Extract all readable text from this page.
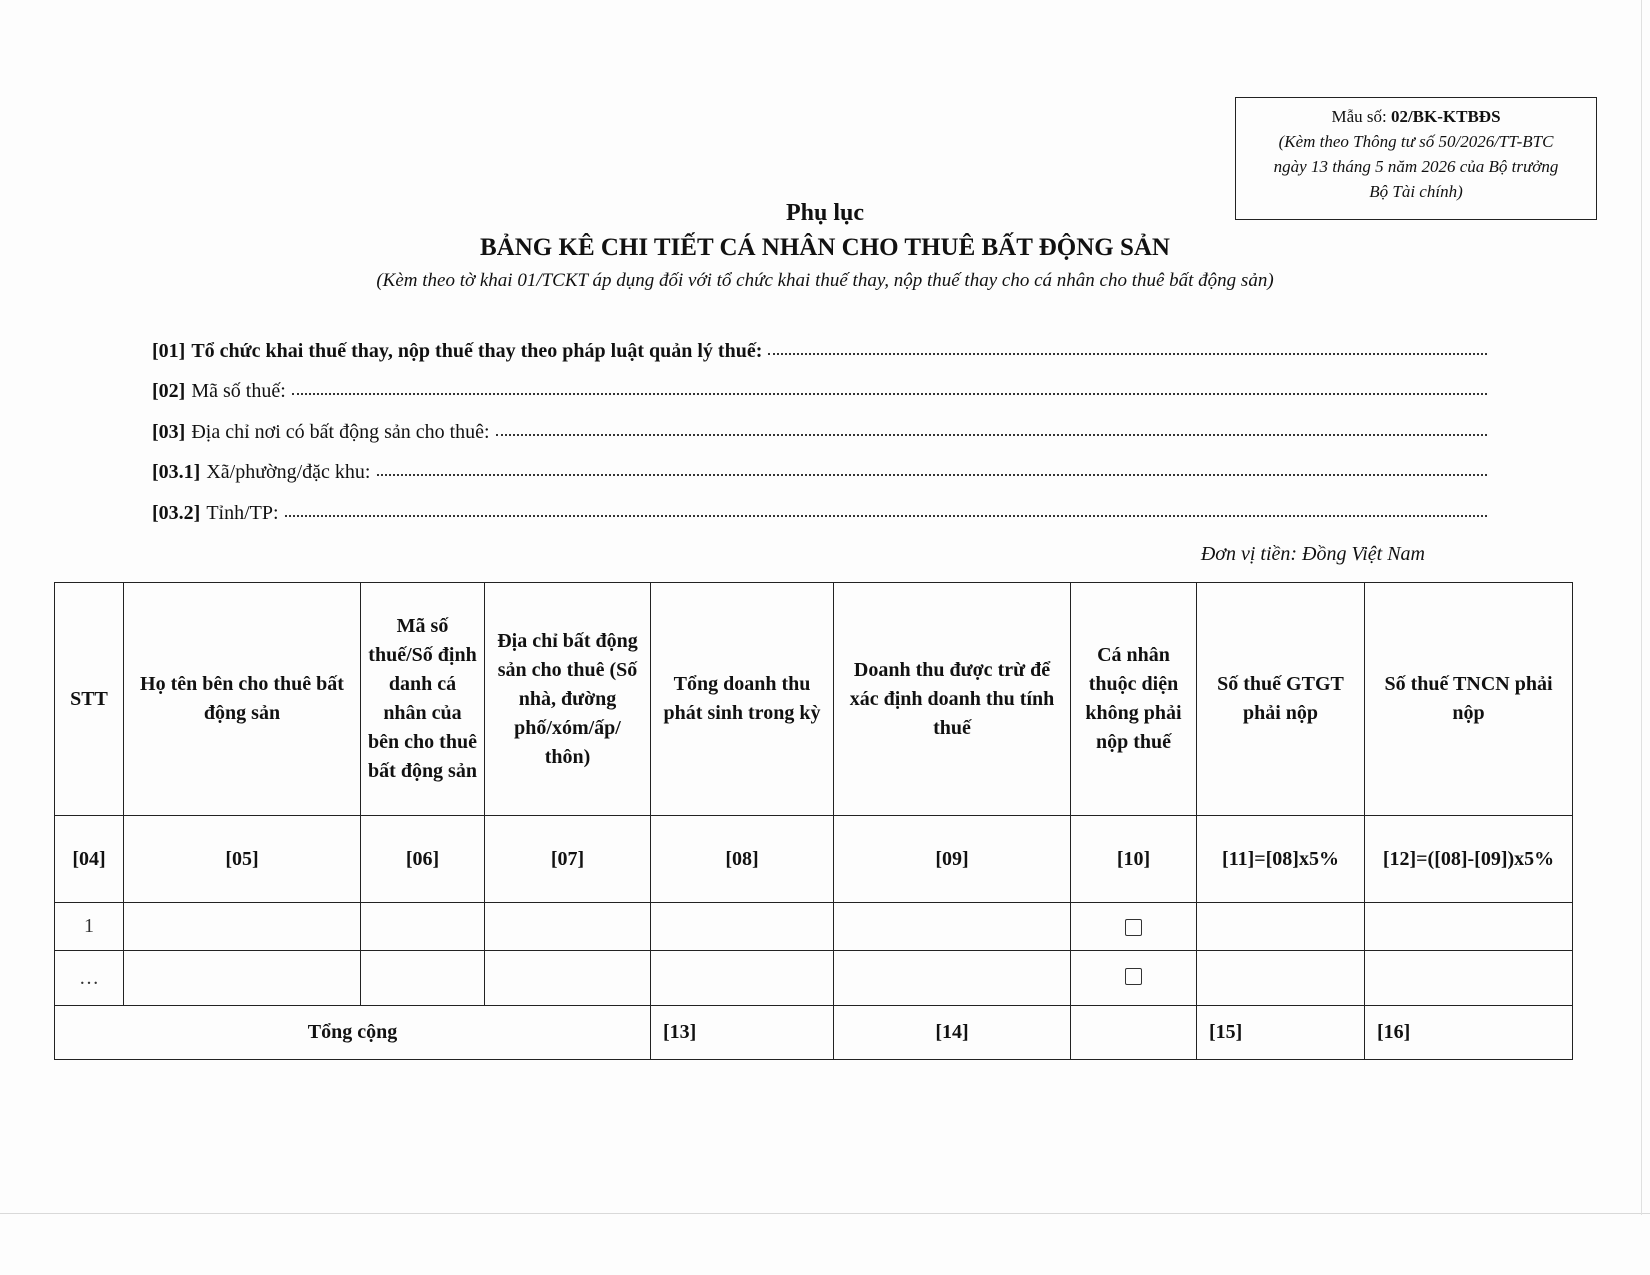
Mẫu số: 02/BK-KTBĐS
(Kèm theo Thông tư số 50/2026/TT-BTC
ngày 13 tháng 5 năm 2026 của Bộ trưởng
Bộ Tài chính)
Phụ lục
BẢNG KÊ CHI TIẾT CÁ NHÂN CHO THUÊ BẤT ĐỘNG SẢN
(Kèm theo tờ khai 01/TCKT áp dụng đối với tổ chức khai thuế thay, nộp thuế thay cho cá nhân cho thuê bất động sản)
[01] Tổ chức khai thuế thay, nộp thuế thay theo pháp luật quản lý thuế:
[02] Mã số thuế:
[03] Địa chỉ nơi có bất động sản cho thuê:
[03.1] Xã/phường/đặc khu:
[03.2] Tỉnh/TP:
Đơn vị tiền: Đồng Việt Nam
STT	Họ tên bên cho thuê bất động sản	Mã số thuế/Số định danh cá nhân của bên cho thuê bất động sản	Địa chỉ bất động sản cho thuê (Số nhà, đường phố/xóm/ấp/ thôn)	Tổng doanh thu phát sinh trong kỳ	Doanh thu được trừ để xác định doanh thu tính thuế	Cá nhân thuộc diện không phải nộp thuế	Số thuế GTGT phải nộp	Số thuế TNCN phải nộp
[04]	[05]	[06]	[07]	[08]	[09]	[10]	[11]=[08]x5%	[12]=([08]-[09])x5%
1								
…								
Tổng cộng				[13]	[14]		[15]	[16]
